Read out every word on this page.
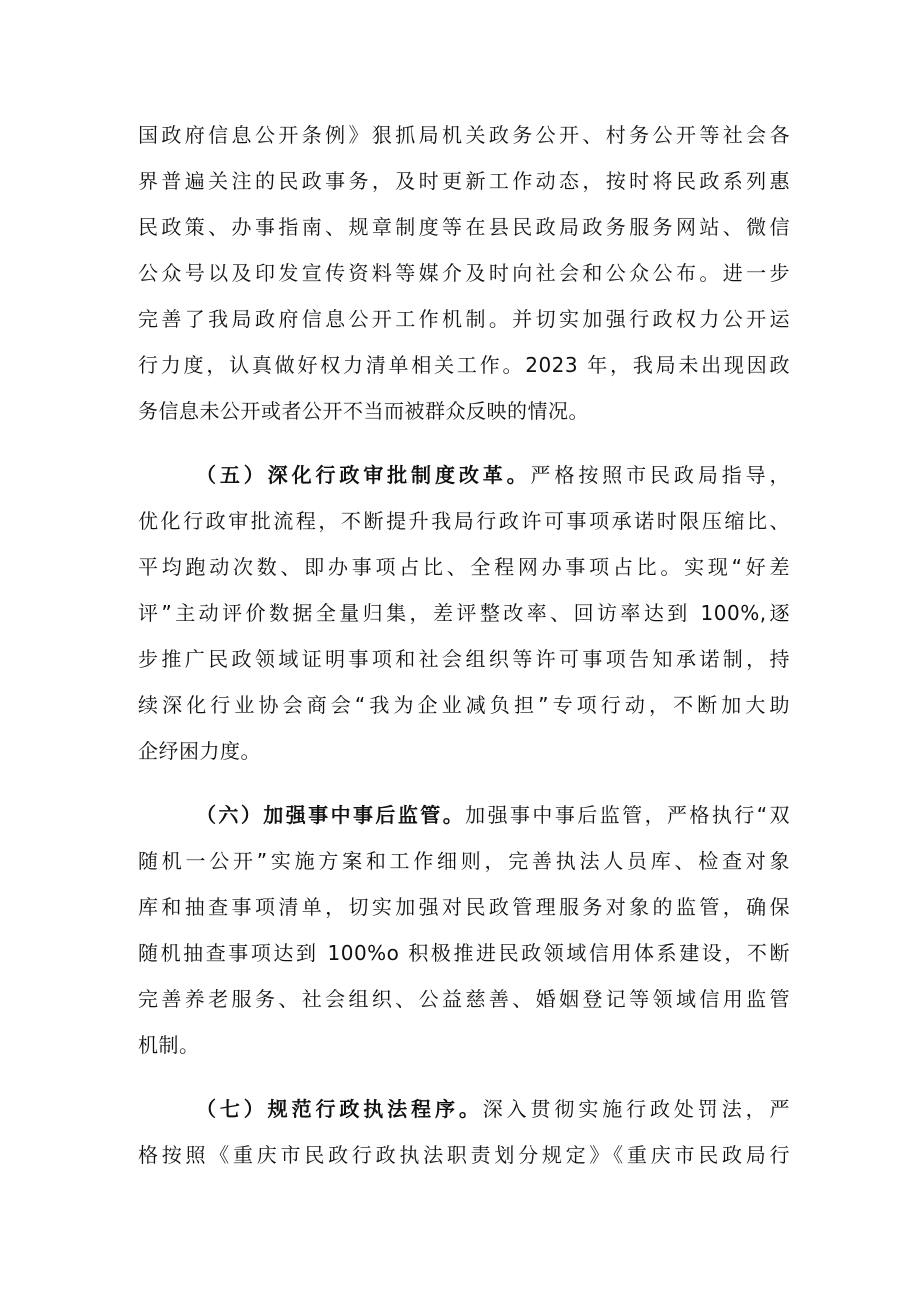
国政府信息公开条例》狠抓局机关政务公开、村务公开等社会各
界普遍关注的民政事务，及时更新工作动态，按时将民政系列惠
民政策、办事指南、规章制度等在县民政局政务服务网站、微信
公众号以及印发宣传资料等媒介及时向社会和公众公布。进一步
完善了我局政府信息公开工作机制。并切实加强行政权力公开运
行力度，认真做好权力清单相关工作。2023 年，我局未出现因政
务信息未公开或者公开不当而被群众反映的情况。
（五）深化行政审批制度改革。严格按照市民政局指导，
优化行政审批流程，不断提升我局行政许可事项承诺时限压缩比、
平均跑动次数、即办事项占比、全程网办事项占比。实现“好差
评”主动评价数据全量归集，差评整改率、回访率达到 100%,逐
步推广民政领域证明事项和社会组织等许可事项告知承诺制，持
续深化行业协会商会“我为企业减负担”专项行动，不断加大助
企纾困力度。
（六）加强事中事后监管。加强事中事后监管，严格执行“双
随机一公开”实施方案和工作细则，完善执法人员库、检查对象
库和抽查事项清单，切实加强对民政管理服务对象的监管，确保
随机抽查事项达到 100%o 积极推进民政领域信用体系建设，不断
完善养老服务、社会组织、公益慈善、婚姻登记等领域信用监管
机制。
（七）规范行政执法程序。深入贯彻实施行政处罚法，严
格按照《重庆市民政行政执法职责划分规定》《重庆市民政局行
